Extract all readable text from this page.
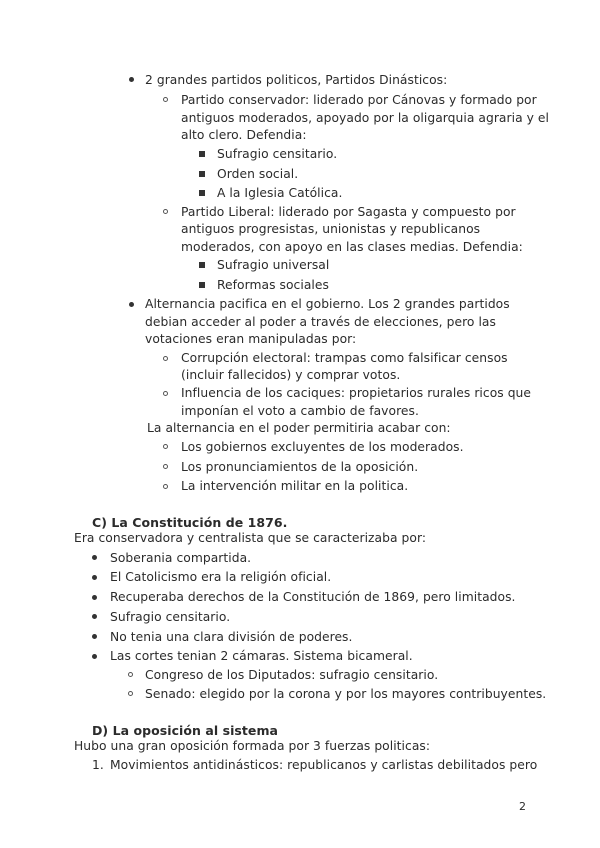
2 grandes partidos politicos, Partidos Dinásticos:
Partido conservador: liderado por Cánovas y formado por
antiguos moderados, apoyado por la oligarquia agraria y el
alto clero. Defendia:
Sufragio censitario.
Orden social.
A la Iglesia Católica.
Partido Liberal: liderado por Sagasta y compuesto por
antiguos progresistas, unionistas y republicanos
moderados, con apoyo en las clases medias. Defendia:
Sufragio universal
Reformas sociales
Alternancia pacifica en el gobierno. Los 2 grandes partidos
debian acceder al poder a través de elecciones, pero las
votaciones eran manipuladas por:
Corrupción electoral: trampas como falsificar censos
(incluir fallecidos) y comprar votos.
Influencia de los caciques: propietarios rurales ricos que
imponían el voto a cambio de favores.
La alternancia en el poder permitiria acabar con:
Los gobiernos excluyentes de los moderados.
Los pronunciamientos de la oposición.
La intervención militar en la politica.
C) La Constitución de 1876.
Era conservadora y centralista que se caracterizaba por:
Soberania compartida.
El Catolicismo era la religión oficial.
Recuperaba derechos de la Constitución de 1869, pero limitados.
Sufragio censitario.
No tenia una clara división de poderes.
Las cortes tenian 2 cámaras. Sistema bicameral.
Congreso de los Diputados: sufragio censitario.
Senado: elegido por la corona y por los mayores contribuyentes.
D) La oposición al sistema
Hubo una gran oposición formada por 3 fuerzas politicas:
1. Movimientos antidinásticos: republicanos y carlistas debilitados pero
2
